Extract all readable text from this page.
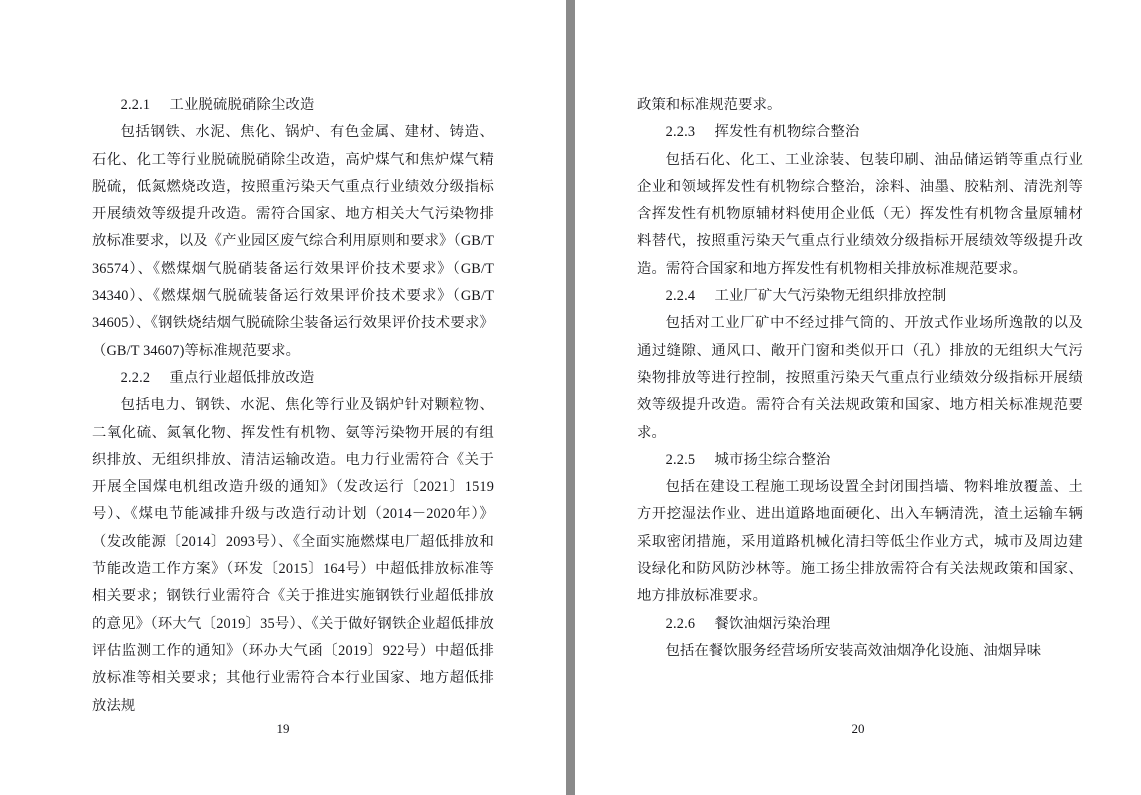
2.2.1 工业脱硫脱硝除尘改造

包括钢铁、水泥、焦化、锅炉、有色金属、建材、铸造、石化、化工等行业脱硫脱硝除尘改造，高炉煤气和焦炉煤气精脱硫，低氮燃烧改造，按照重污染天气重点行业绩效分级指标开展绩效等级提升改造。需符合国家、地方相关大气污染物排放标准要求，以及《产业园区废气综合利用原则和要求》（GB/T 36574）、《燃煤烟气脱硝装备运行效果评价技术要求》（GB/T 34340）、《燃煤烟气脱硫装备运行效果评价技术要求》（GB/T 34605）、《钢铁烧结烟气脱硫除尘装备运行效果评价技术要求》（GB/T 34607)等标准规范要求。

2.2.2 重点行业超低排放改造

包括电力、钢铁、水泥、焦化等行业及锅炉针对颗粒物、二氧化硫、氮氧化物、挥发性有机物、氨等污染物开展的有组织排放、无组织排放、清洁运输改造。电力行业需符合《关于开展全国煤电机组改造升级的通知》（发改运行〔2021〕1519号）、《煤电节能减排升级与改造行动计划（2014－2020年）》（发改能源〔2014〕2093号）、《全面实施燃煤电厂超低排放和节能改造工作方案》（环发〔2015〕164号）中超低排放标准等相关要求；钢铁行业需符合《关于推进实施钢铁行业超低排放的意见》（环大气〔2019〕35号）、《关于做好钢铁企业超低排放评估监测工作的通知》（环办大气函〔2019〕922号）中超低排放标准等相关要求；其他行业需符合本行业国家、地方超低排放法规

19

政策和标准规范要求。

2.2.3 挥发性有机物综合整治

包括石化、化工、工业涂装、包装印刷、油品储运销等重点行业企业和领域挥发性有机物综合整治，涂料、油墨、胶粘剂、清洗剂等含挥发性有机物原辅材料使用企业低（无）挥发性有机物含量原辅材料替代，按照重污染天气重点行业绩效分级指标开展绩效等级提升改造。需符合国家和地方挥发性有机物相关排放标准规范要求。

2.2.4 工业厂矿大气污染物无组织排放控制

包括对工业厂矿中不经过排气筒的、开放式作业场所逸散的以及通过缝隙、通风口、敞开门窗和类似开口（孔）排放的无组织大气污染物排放等进行控制，按照重污染天气重点行业绩效分级指标开展绩效等级提升改造。需符合有关法规政策和国家、地方相关标准规范要求。

2.2.5 城市扬尘综合整治

包括在建设工程施工现场设置全封闭围挡墙、物料堆放覆盖、土方开挖湿法作业、进出道路地面硬化、出入车辆清洗，渣土运输车辆采取密闭措施，采用道路机械化清扫等低尘作业方式，城市及周边建设绿化和防风防沙林等。施工扬尘排放需符合有关法规政策和国家、地方排放标准要求。

2.2.6 餐饮油烟污染治理

包括在餐饮服务经营场所安装高效油烟净化设施、油烟异味

20
